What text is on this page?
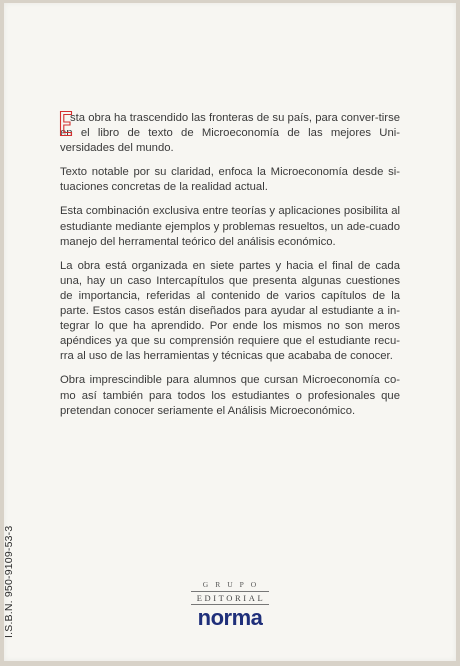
sta obra ha trascendido las fronteras de su país, para conver-tirse en el libro de texto de Microeconomía de las mejores Uni-versidades del mundo.

Texto notable por su claridad, enfoca la Microeconomía desde si-tuaciones concretas de la realidad actual.

Esta combinación exclusiva entre teorías y aplicaciones posibilita al estudiante mediante ejemplos y problemas resueltos, un ade-cuado manejo del herramental teórico del análisis económico.

La obra está organizada en siete partes y hacia el final de cada una, hay un caso Intercapítulos que presenta algunas cuestiones de importancia, referidas al contenido de varios capítulos de la parte. Estos casos están diseñados para ayudar al estudiante a in-tegrar lo que ha aprendido. Por ende los mismos no son meros apéndices ya que su comprensión requiere que el estudiante recu-rra al uso de las herramientas y técnicas que acababa de conocer.

Obra imprescindible para alumnos que cursan Microeconomía co-mo así también para todos los estudiantes o profesionales que pretendan conocer seriamente el Análisis Microeconómico.

I.S.B.N. 950-9109-53-3	GRUPO
EDITORIAL
norma
